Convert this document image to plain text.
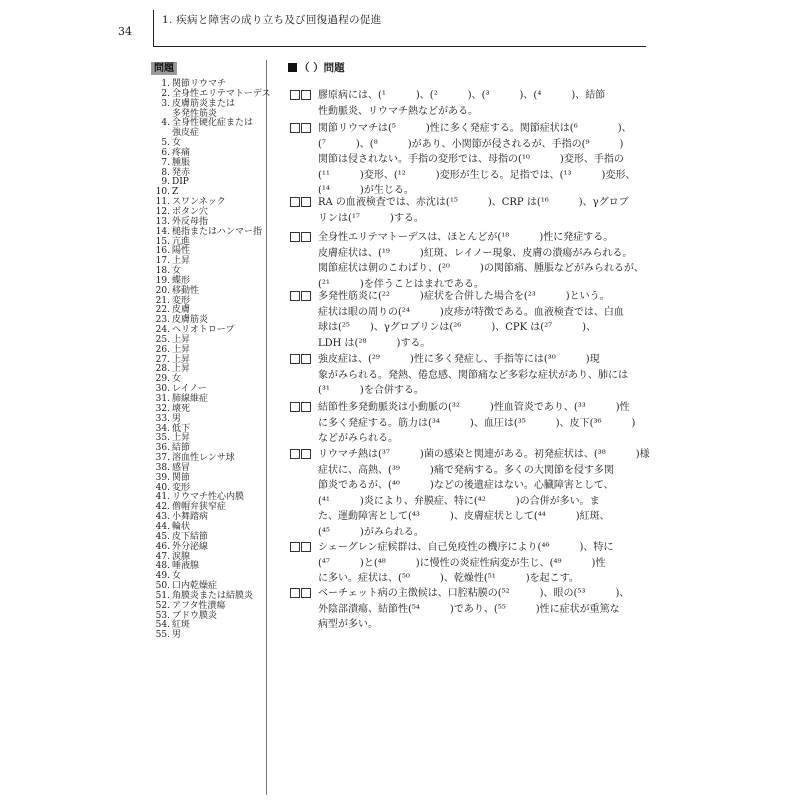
34
1. 疾病と障害の成り立ち及び回復過程の促進
問題
1. 関節リウマチ
2. 全身性エリテマトーデス
3. 皮膚筋炎または
多発性筋炎
4. 全身性硬化症または
強皮症
5. 女
6. 疼痛
7. 腫脹
8. 発赤
9. DIP
10. Z
11. スワンネック
12. ボタン穴
13. 外反母指
14. 槌指またはハンマー指
15. 亢進
16. 陽性
17. 上昇
18. 女
19. 蝶形
20. 移動性
21. 変形
22. 皮膚
23. 皮膚筋炎
24. ヘリオトロープ
25. 上昇
26. 上昇
27. 上昇
28. 上昇
29. 女
30. レイノー
31. 肺線維症
32. 壊死
33. 男
34. 低下
35. 上昇
36. 結節
37. 溶血性レンサ球
38. 感冒
39. 関節
40. 変形
41. リウマチ性心内膜
42. 僧帽弁狭窄症
43. 小舞踏病
44. 輪状
45. 皮下結節
46. 外分泌線
47. 涙腺
48. 唾液腺
49. 女
50. 口内乾燥症
51. 角膜炎または結膜炎
52. アフタ性潰瘍
53. ブドウ膜炎
54. 紅斑
55. 男
（ ）問題
膠原病には、(¹　　　)、(²　　　)、(³　　　)、(⁴　　　)、結節
性動脈炎、リウマチ熱などがある。
関節リウマチは(⁵　　　)性に多く発症する。関節症状は(⁶　　　　)、
(⁷　　　)、(⁸　　　)があり、小関節が侵されるが、手指の(⁹　　　)
関節は侵されない。手指の変形では、母指の(¹⁰　　　)変形、手指の
(¹¹　　　)変形、(¹²　　　)変形が生じる。足指では、(¹³　　　)変形、
(¹⁴　　　)が生じる。
RA の血液検査では、赤沈は(¹⁵　　　)、CRP は(¹⁶　　　)、γグロブ
リンは(¹⁷　　　)する。
全身性エリテマトーデスは、ほとんどが(¹⁸　　　)性に発症する。
皮膚症状は、(¹⁹　　　)紅斑、レイノー現象、皮膚の潰瘍がみられる。
関節症状は朝のこわばり、(²⁰　　　)の関節痛、腫脹などがみられるが、
(²¹　　　)を伴うことはまれである。
多発性筋炎に(²²　　　)症状を合併した場合を(²³　　　)という。
症状は眼の周りの(²⁴　　　)皮疹が特徴である。血液検査では、白血
球は(²⁵　　)、γグロブリンは(²⁶　　　)、CPK は(²⁷　　　)、
LDH は(²⁸　　　)する。
強皮症は、(²⁹　　　)性に多く発症し、手指等には(³⁰　　　)現
象がみられる。発熱、倦怠感、関節痛など多彩な症状があり、肺には
(³¹　　　)を合併する。
結節性多発動脈炎は小動脈の(³²　　　)性血管炎であり、(³³　　　)性
に多く発症する。筋力は(³⁴　　　)、血圧は(³⁵　　　)、皮下(³⁶　　　)
などがみられる。
リウマチ熱は(³⁷　　　)菌の感染と関連がある。初発症状は、(³⁸　　　)様
症状に、高熱、(³⁹　　　)痛で発病する。多くの大関節を侵す多関
節炎であるが、(⁴⁰　　　)などの後遺症はない。心臓障害として、
(⁴¹　　　)炎により、弁膜症、特に(⁴²　　　)の合併が多い。ま
た、運動障害として(⁴³　　　)、皮膚症状として(⁴⁴　　　)紅斑、
(⁴⁵　　　)がみられる。
シェーグレン症候群は、自己免疫性の機序により(⁴⁶　　　)、特に
(⁴⁷　　　)と(⁴⁸　　　)に慢性の炎症性病変が生じ、(⁴⁹　　　)性
に多い。症状は、(⁵⁰　　　)、乾燥性(⁵¹　　　)を起こす。
ベーチェット病の主徴候は、口腔粘膜の(⁵²　　　)、眼の(⁵³　　　)、
外陰部潰瘍、結節性(⁵⁴　　　)であり、(⁵⁵　　　)性に症状が重篤な
病型が多い。
